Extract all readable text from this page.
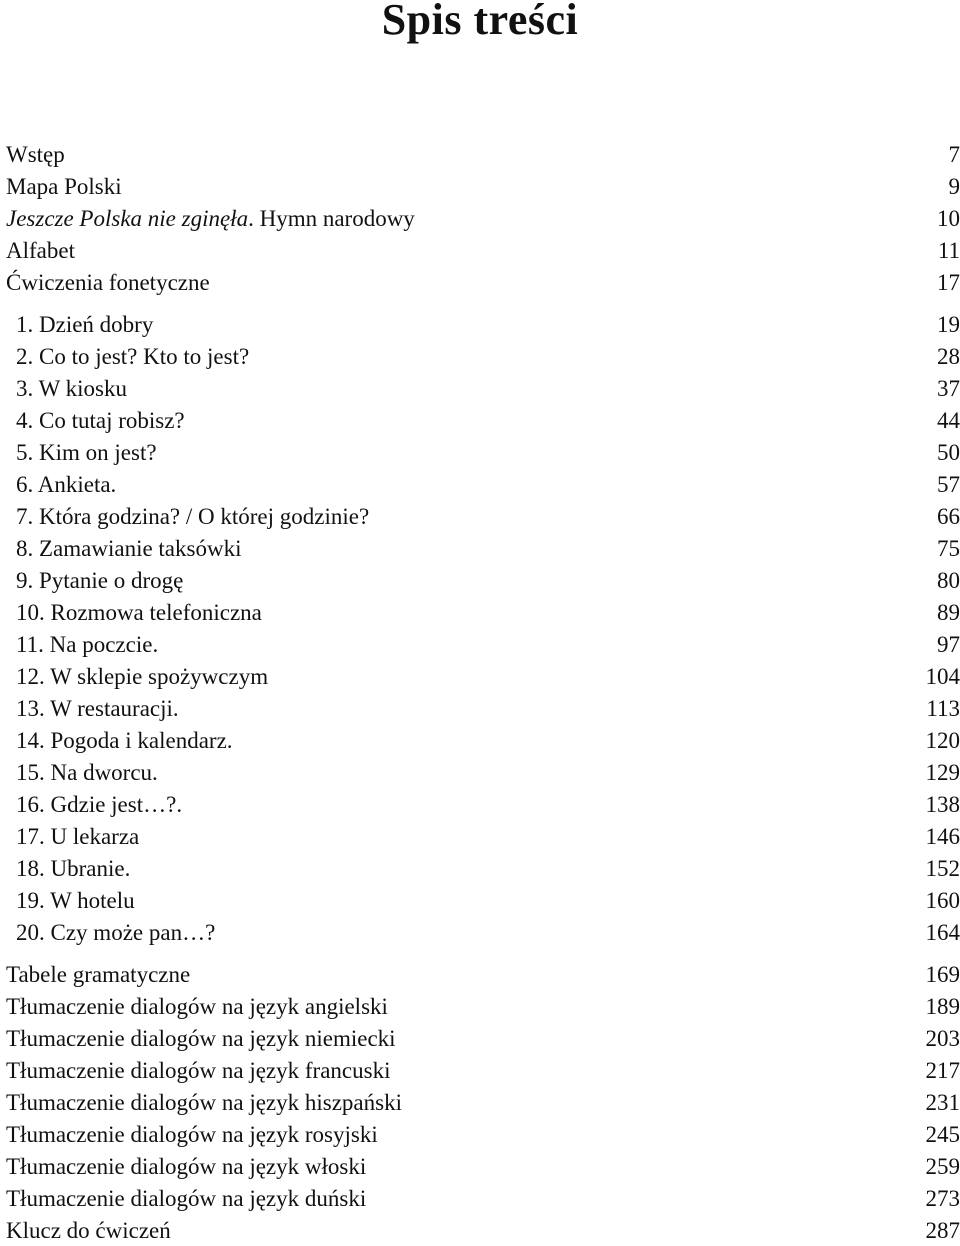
Spis treści
Wstęp	7
Mapa Polski	9
Jeszcze Polska nie zginęła. Hymn narodowy	10
Alfabet	11
Ćwiczenia fonetyczne	17
1. Dzień dobry	19
2. Co to jest? Kto to jest?	28
3. W kiosku	37
4. Co tutaj robisz?	44
5. Kim on jest?	50
6. Ankieta.	57
7. Która godzina? / O której godzinie?	66
8. Zamawianie taksówki	75
9. Pytanie o drogę	80
10. Rozmowa telefoniczna	89
11. Na poczcie.	97
12. W sklepie spożywczym	104
13. W restauracji.	113
14. Pogoda i kalendarz.	120
15. Na dworcu.	129
16. Gdzie jest…?.	138
17. U lekarza	146
18. Ubranie.	152
19. W hotelu	160
20. Czy może pan…?	164
Tabele gramatyczne	169
Tłumaczenie dialogów na język angielski	189
Tłumaczenie dialogów na język niemiecki	203
Tłumaczenie dialogów na język francuski	217
Tłumaczenie dialogów na język hiszpański	231
Tłumaczenie dialogów na język rosyjski	245
Tłumaczenie dialogów na język włoski	259
Tłumaczenie dialogów na język duński	273
Klucz do ćwiczeń	287
